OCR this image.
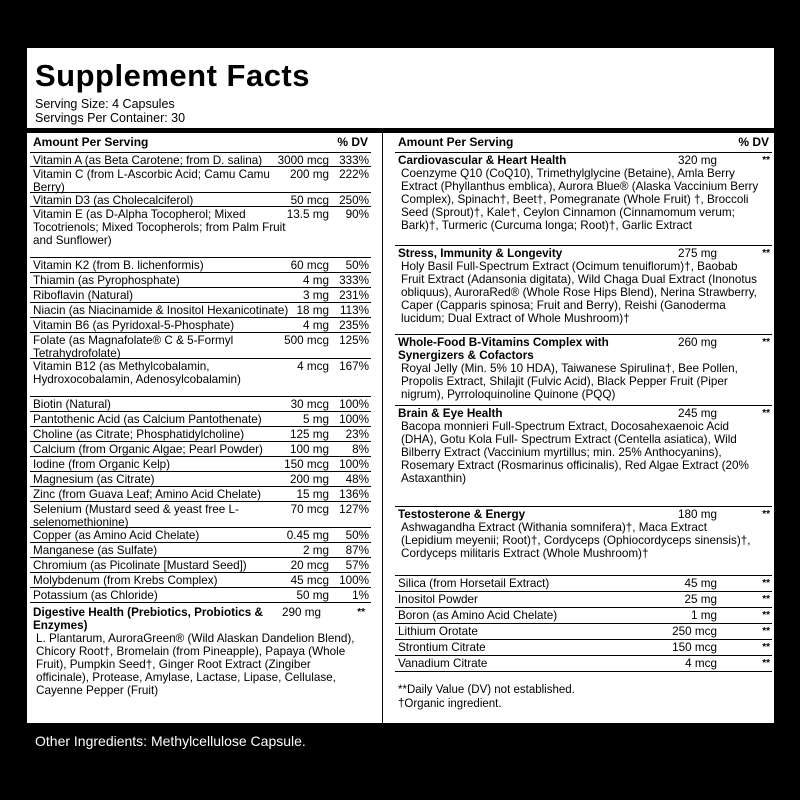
Supplement Facts
Serving Size: 4 Capsules
Servings Per Container: 30
Amount Per Serving	% DV	Amount Per Serving	% DV
Vitamin A (as Beta Carotene; from D. salina)	3000 mcg 333%
Vitamin C (from L-Ascorbic Acid; Camu Camu Berry)
200 mg 222%
Vitamin D3 (as Cholecalciferol)	50 mcg 250%
Vitamin E (as D-Alpha Tocopherol; Mixed Tocotrienols; Mixed Tocopherols; from Palm Fruit and Sunflower)
13.5 mg 90%
Vitamin K2 (from B. lichenformis)	60 mcg 50%
Thiamin (as Pyrophosphate)	4 mg 333%
Riboflavin (Natural)	3 mg 231%
Niacin (as Niacinamide & Inositol Hexanicotinate) 18 mg 113%
Vitamin B6 (as Pyridoxal-5-Phosphate)	4 mg 235%
Folate (as Magnafolate® C & 5-Formyl Tetrahydrofolate)
500 mcg 125%
Vitamin B12 (as Methylcobalamin, Hydroxocobalamin, Adenosylcobalamin)
4 mcg 167%
Biotin (Natural)	30 mcg 100%
Pantothenic Acid (as Calcium Pantothenate)	5 mg 100%
Choline (as Citrate; Phosphatidylcholine)	125 mg 23%
Calcium (from Organic Algae; Pearl Powder)	100 mg 8%
Iodine (from Organic Kelp)	150 mcg 100%
Magnesium (as Citrate)	200 mg 48%
Zinc (from Guava Leaf; Amino Acid Chelate)	15 mg 136%
Selenium (Mustard seed & yeast free L-selenomethionine)
70 mcg 127%
Copper (as Amino Acid Chelate)	0.45 mg 50%
Manganese (as Sulfate)	2 mg 87%
Chromium (as Picolinate [Mustard Seed])	20 mcg 57%
Molybdenum (from Krebs Complex)	45 mcg 100%
Potassium (as Chloride)	50 mg 1%
Digestive Health (Prebiotics, Probiotics & Enzymes)
290 mg	**
L. Plantarum, AuroraGreen® (Wild Alaskan Dandelion Blend), Chicory Root†, Bromelain (from Pineapple), Papaya (Whole Fruit), Pumpkin Seed†, Ginger Root Extract (Zingiber officinale), Protease, Amylase, Lactase, Lipase, Cellulase, Cayenne Pepper (Fruit)
Cardiovascular & Heart Health	320 mg	**
Coenzyme Q10 (CoQ10), Trimethylglycine (Betaine), Amla Berry Extract (Phyllanthus emblica), Aurora Blue® (Alaska Vaccinium Berry Complex), Spinach†, Beet†, Pomegranate (Whole Fruit) †, Broccoli Seed (Sprout)†, Kale†, Ceylon Cinnamon (Cinnamomum verum; Bark)†, Turmeric (Curcuma longa; Root)†, Garlic Extract
Stress, Immunity & Longevity	275 mg	**
Holy Basil Full-Spectrum Extract (Ocimum tenuiflorum)†, Baobab Fruit Extract (Adansonia digitata), Wild Chaga Dual Extract (Inonotus obliquus), AuroraRed® (Whole Rose Hips Blend), Nerina Strawberry, Caper (Capparis spinosa; Fruit and Berry), Reishi (Ganoderma lucidum; Dual Extract of Whole Mushroom)†
Whole-Food B-Vitamins Complex with Synergizers & Cofactors
260 mg	**
Royal Jelly (Min. 5% 10 HDA), Taiwanese Spirulina†, Bee Pollen, Propolis Extract, Shilajit (Fulvic Acid), Black Pepper Fruit (Piper nigrum), Pyrroloquinoline Quinone (PQQ)
Brain & Eye Health	245 mg	**
Bacopa monnieri Full-Spectrum Extract, Docosahexaenoic Acid (DHA), Gotu Kola Full- Spectrum Extract (Centella asiatica), Wild Bilberry Extract (Vaccinium myrtillus; min. 25% Anthocyanins), Rosemary Extract (Rosmarinus officinalis), Red Algae Extract (20% Astaxanthin)
Testosterone & Energy	180 mg	**
Ashwagandha Extract (Withania somnifera)†, Maca Extract (Lepidium meyenii; Root)†, Cordyceps (Ophiocordyceps sinensis)†, Cordyceps militaris Extract (Whole Mushroom)†
Silica (from Horsetail Extract)	45 mg	**
Inositol Powder	25 mg	**
Boron (as Amino Acid Chelate)	1 mg	**
Lithium Orotate	250 mcg	**
Strontium Citrate	150 mcg	**
Vanadium Citrate	4 mcg	**
**Daily Value (DV) not established.
†Organic ingredient.
Other Ingredients: Methylcellulose Capsule.
